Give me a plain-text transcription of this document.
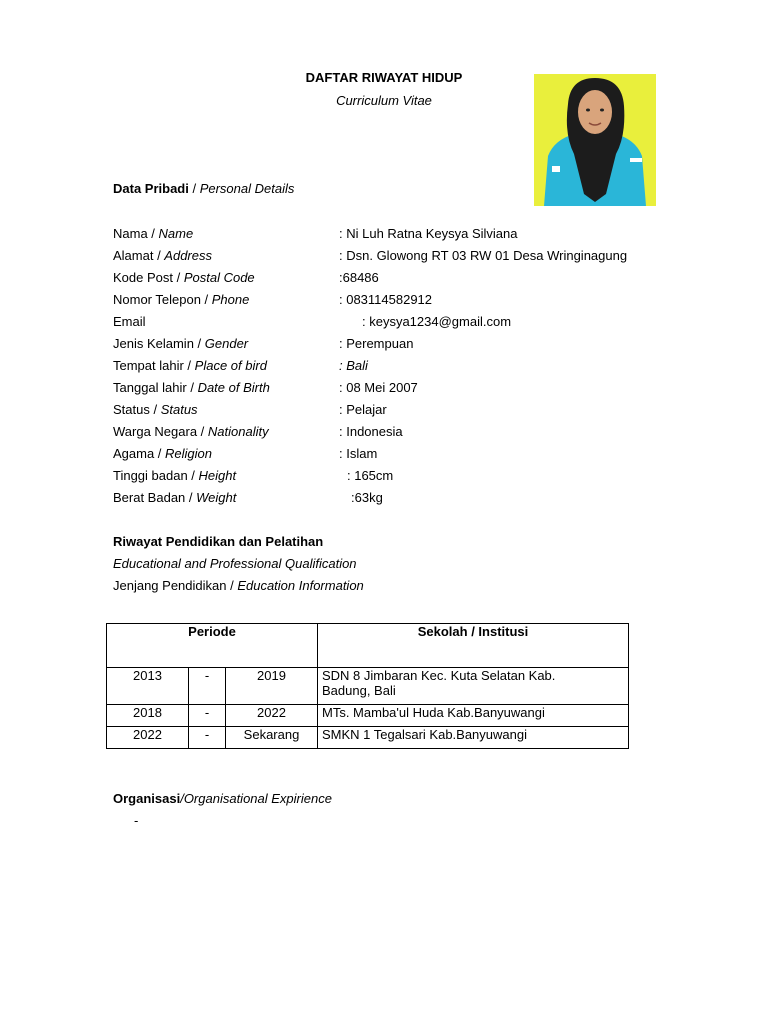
DAFTAR RIWAYAT HIDUP
Curriculum Vitae
Data Pribadi / Personal Details
Nama / Name	: Ni Luh Ratna Keysya Silviana
Alamat / Address	: Dsn. Glowong RT 03 RW 01 Desa Wringinagung
Kode Post / Postal Code	:68486
Nomor Telepon / Phone	: 083114582912
Email	: keysya1234@gmail.com
Jenis Kelamin / Gender	: Perempuan
Tempat lahir / Place of bird	: Bali
Tanggal lahir / Date of Birth	: 08 Mei 2007
Status / Status	: Pelajar
Warga Negara / Nationality	: Indonesia
Agama / Religion	: Islam
Tinggi badan / Height	: 165cm
Berat Badan / Weight	:63kg
Riwayat Pendidikan dan Pelatihan
Educational and Professional Qualification
Jenjang Pendidikan / Education Information
Periode			Sekolah / Institusi
2013	-	2019	SDN 8 Jimbaran Kec. Kuta Selatan Kab.
Badung, Bali

2018	-	2022	MTs. Mamba'ul Huda Kab.Banyuwangi
2022	-	Sekarang	SMKN 1 Tegalsari Kab.Banyuwangi
Organisasi/Organisational Expirience
-
